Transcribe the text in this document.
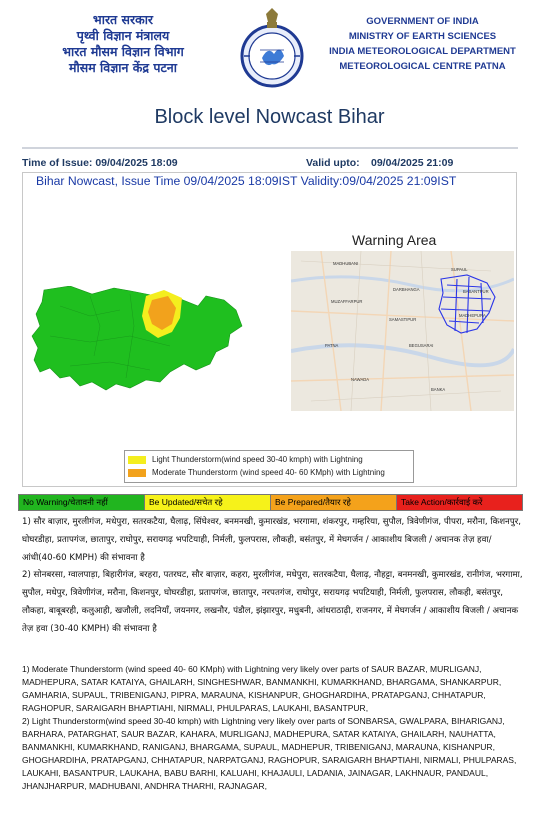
भारत सरकार
पृथ्वी विज्ञान मंत्रालय
भारत मौसम विज्ञान विभाग
मौसम विज्ञान केंद्र पटना
GOVERNMENT OF INDIA
MINISTRY OF EARTH SCIENCES
INDIA METEOROLOGICAL DEPARTMENT
METEOROLOGICAL CENTRE PATNA
Block level Nowcast Bihar
Time of Issue: 09/04/2025 18:09	Valid upto: 09/04/2025 21:09
Bihar Nowcast, Issue Time 09/04/2025 18:09IST Validity:09/04/2025 21:09IST
Warning Area
MADHUBANI
SUPAUL
BASANTPUR
MADHEPURA
DARBHANGA
MUZAFFARPUR
SAMASTIPUR
PATNA	BEGUSARAI
NAWADA
BANKA
Light Thunderstorm(wind speed 30-40 kmph) with Lightning
Moderate Thunderstorm (wind speed 40- 60 KMph) with Lightning
No Warning/चेतावनी नहीं	Be Updated/सचेत रहे	Be Prepared/तैयार रहे	Take Action/कार्रवाई करें

1) सौर बाज़ार, मुरलीगंज, मधेपुरा, सतरकटैया, घैलाढ़, सिंघेश्वर, बनमनखी, कुमारखंड, भरगामा, शंकरपुर, गम्हरिया, सुपौल, त्रिवेणीगंज, पीपरा, मरौना, किशनपुर, घोघरडीहा, प्रतापगंज, छातापुर, राघोपुर, सरायगढ़ भपटियाही, निर्मली, फुलपरास, लौकही, बसंतपुर, में मेघगर्जन / आकाशीय बिजली / अचानक तेज़ हवा/ आंधी(40-60 KMPH) की संभावना है

2) सोनबरसा, ग्वालपाड़ा, बिहारीगंज, बरहरा, पतरघट, सौर बाज़ार, कहरा, मुरलीगंज, मधेपुरा, सतरकटैया, घैलाढ़, नौहट्टा, बनमनखी, कुमारखंड, रानीगंज, भरगामा, सुपौल, मधेपुर, त्रिवेणीगंज, मरौना, किशनपुर, घोघरडीहा, प्रतापगंज, छातापुर, नरपतगंज, राघोपुर, सरायगढ़ भपटियाही, निर्मली, फुलपरास, लौकही, बसंतपुर, लौकहा, बाबूबरही, कलुआही, खजौली, लदनियाँ, जयनगर, लखनौर, पंडौल, झंझारपुर, मधुबनी, आंधराठाढ़ी, राजनगर, में मेघगर्जन / आकाशीय बिजली / अचानक तेज़ हवा (30-40 KMPH) की संभावना है

1) Moderate Thunderstorm (wind speed 40- 60 KMph) with Lightning very likely over parts of SAUR BAZAR, MURLIGANJ, MADHEPURA, SATAR KATAIYA, GHAILARH, SINGHESHWAR, BANMANKHI, KUMARKHAND, BHARGAMA, SHANKARPUR, GAMHARIA, SUPAUL, TRIBENIGANJ, PIPRA, MARAUNA, KISHANPUR, GHOGHARDIHA, PRATAPGANJ, CHHATAPUR, RAGHOPUR, SARAIGARH BHAPTIAHI, NIRMALI, PHULPARAS, LAUKAHI, BASANTPUR,

2) Light Thunderstorm(wind speed 30-40 kmph) with Lightning very likely over parts of SONBARSA, GWALPARA, BIHARIGANJ, BARHARA, PATARGHAT, SAUR BAZAR, KAHARA, MURLIGANJ, MADHEPURA, SATAR KATAIYA, GHAILARH, NAUHATTA, BANMANKHI, KUMARKHAND, RANIGANJ, BHARGAMA, SUPAUL, MADHEPUR, TRIBENIGANJ, MARAUNA, KISHANPUR, GHOGHARDIHA, PRATAPGANJ, CHHATAPUR, NARPATGANJ, RAGHOPUR, SARAIGARH BHAPTIAHI, NIRMALI, PHULPARAS, LAUKAHI, BASANTPUR, LAUKAHA, BABU BARHI, KALUAHI, KHAJAULI, LADANIA, JAINAGAR, LAKHNAUR, PANDAUL, JHANJHARPUR, MADHUBANI, ANDHRA THARHI, RAJNAGAR,
